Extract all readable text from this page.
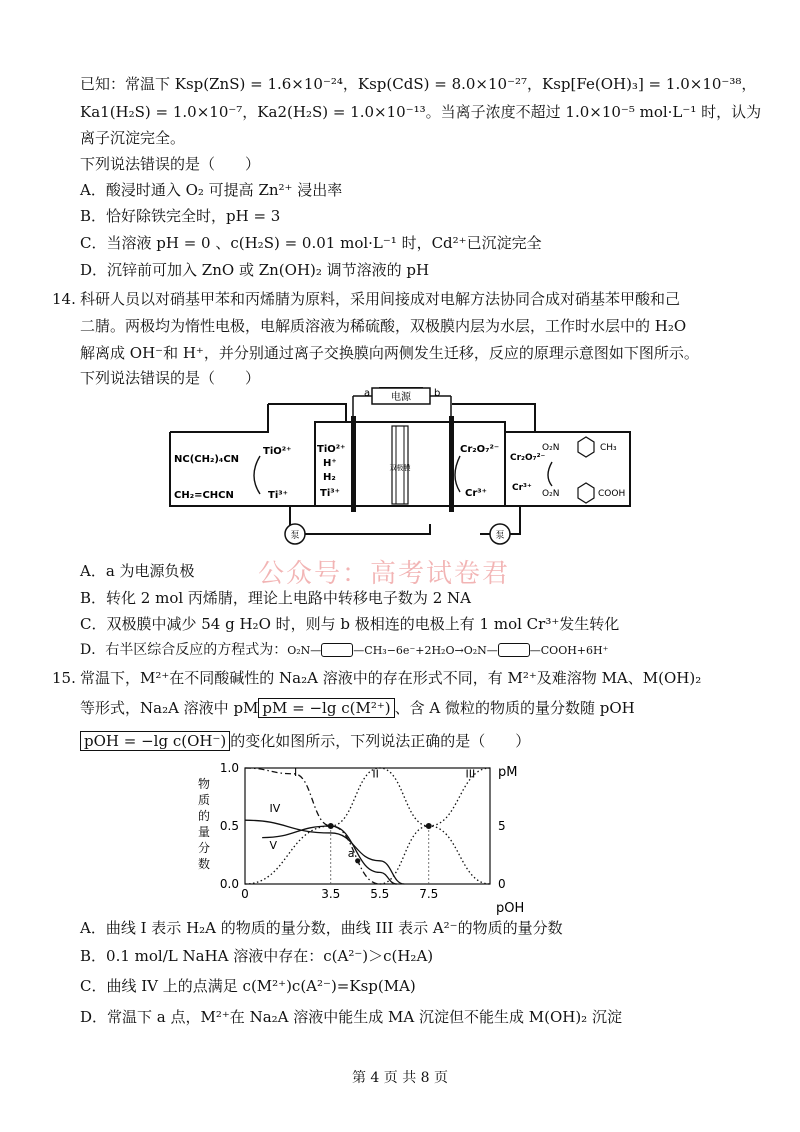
已知：常温下 Ksp(ZnS) = 1.6×10⁻²⁴，Ksp(CdS) = 8.0×10⁻²⁷，Ksp[Fe(OH)₃] = 1.0×10⁻³⁸，
Ka1(H₂S) = 1.0×10⁻⁷，Ka2(H₂S) = 1.0×10⁻¹³。当离子浓度不超过 1.0×10⁻⁵ mol·L⁻¹ 时，认为
离子沉淀完全。
下列说法错误的是（　　）
A．酸浸时通入 O₂ 可提高 Zn²⁺ 浸出率
B．恰好除铁完全时，pH = 3
C．当溶液 pH = 0 、c(H₂S) = 0.01 mol·L⁻¹ 时，Cd²⁺已沉淀完全
D．沉锌前可加入 ZnO 或 Zn(OH)₂ 调节溶液的 pH
14. 科研人员以对硝基甲苯和丙烯腈为原料，采用间接成对电解方法协同合成对硝基苯甲酸和己
二腈。两极均为惰性电极，电解质溶液为稀硫酸，双极膜内层为水层，工作时水层中的 H₂O
解离成 OH⁻和 H⁺，并分别通过离子交换膜向两侧发生迁移，反应的原理示意图如下图所示。
下列说法错误的是（　　）
电源
a	b
双极膜
NC(CH₂)₄CN
CH₂=CHCN
TiO²⁺
Ti³⁺
TiO²⁺
H⁺
H₂
Ti³⁺
Cr₂O₇²⁻
Cr³⁺
Cr₂O₇²⁻
Cr³⁺
O₂N	CH₃
O₂N	COOH
泵	泵
A．a 为电源负极 公众号：高考试卷君
B．转化 2 mol 丙烯腈，理论上电路中转移电子数为 2 NA
C．双极膜中减少 54 g H₂O 时，则与 b 极相连的电极上有 1 mol Cr³⁺发生转化
D．右半区综合反应的方程式为：O₂N—	—CH₃−6e⁻+2H₂O→O₂N—	—COOH+6H⁺
15. 常温下，M²⁺在不同酸碱性的 Na₂A 溶液中的存在形式不同，有 M²⁺及难溶物 MA、M(OH)₂
等形式，Na₂A 溶液中 pM pM = −lg c(M²⁺) 、含 A 微粒的物质的量分数随 pOH
pOH = −lg c(OH⁻) 的变化如图所示，下列说法正确的是（　　）
物
质
的
量
分
数
0.0
0.5
1.0
0
5
pM
0	3.5 5.5 7.5
pOH
I	II	III
IV
V
a
A．曲线 I 表示 H₂A 的物质的量分数，曲线 III 表示 A²⁻的物质的量分数
B．0.1 mol/L NaHA 溶液中存在：c(A²⁻)＞c(H₂A)
C．曲线 IV 上的点满足 c(M²⁺)c(A²⁻)=Ksp(MA)
D．常温下 a 点，M²⁺在 Na₂A 溶液中能生成 MA 沉淀但不能生成 M(OH)₂ 沉淀
第 4 页 共 8 页
